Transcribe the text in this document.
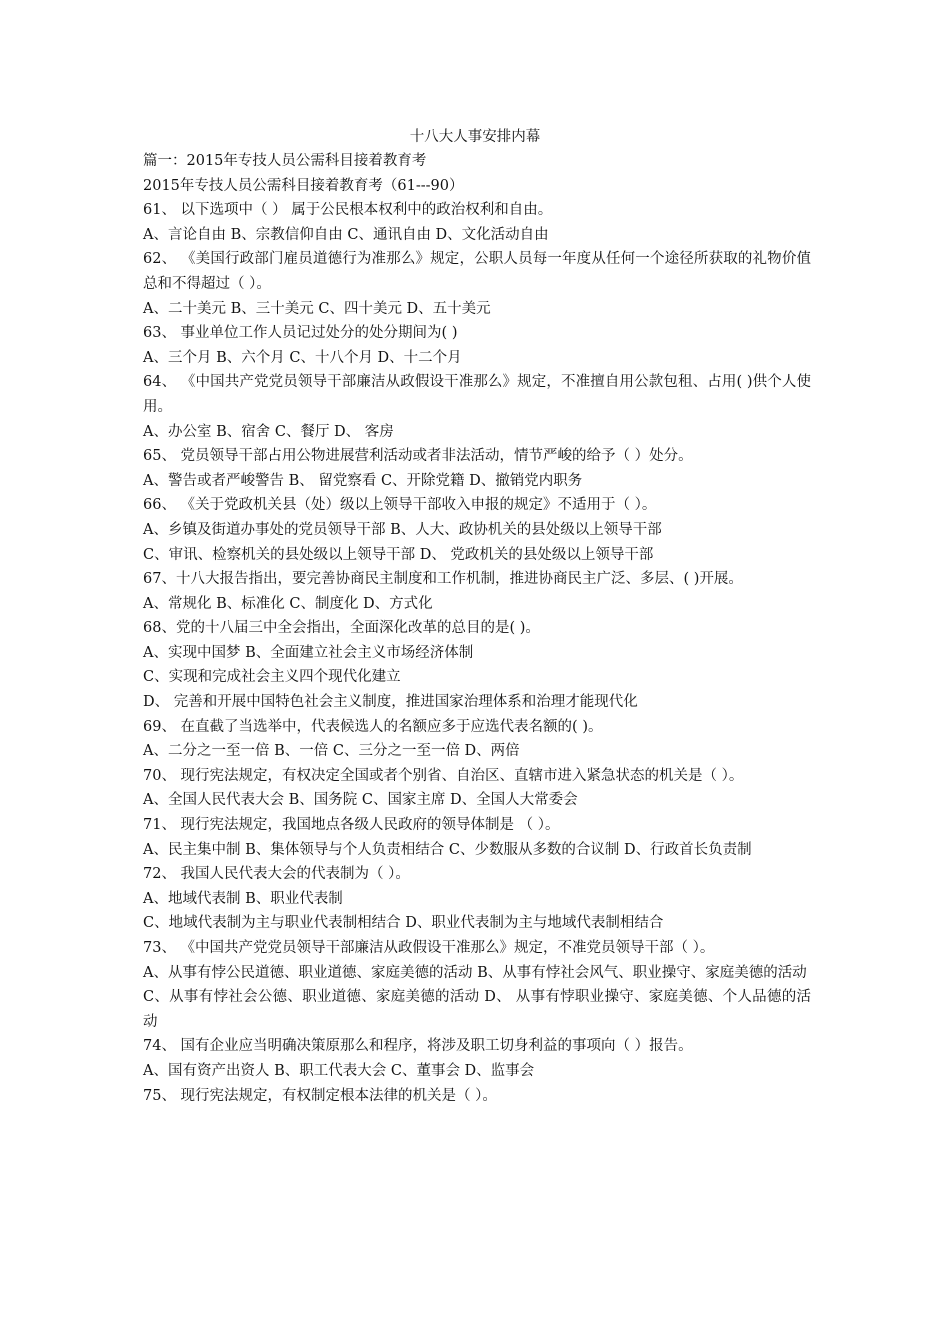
十八大人事安排内幕

篇一：2015年专技人员公需科目接着教育考

2015年专技人员公需科目接着教育考（61---90）

61、 以下选项中（ ） 属于公民根本权利中的政治权利和自由。

A、言论自由 B、宗教信仰自由 C、通讯自由 D、文化活动自由

62、 《美国行政部门雇员道德行为准那么》规定，公职人员每一年度从任何一个途径所获取的礼物价值总和不得超过（ ）。

A、二十美元 B、三十美元 C、四十美元 D、五十美元

63、 事业单位工作人员记过处分的处分期间为( )

A、三个月 B、六个月 C、十八个月 D、十二个月

64、 《中国共产党党员领导干部廉洁从政假设干准那么》规定，不准擅自用公款包租、占用( )供个人使用。

A、办公室 B、宿舍 C、餐厅 D、 客房

65、 党员领导干部占用公物进展营利活动或者非法活动，情节严峻的给予（ ）处分。

A、警告或者严峻警告 B、 留党察看 C、开除党籍 D、撤销党内职务

66、 《关于党政机关县（处）级以上领导干部收入申报的规定》不适用于（ ）。

A、乡镇及街道办事处的党员领导干部 B、人大、政协机关的县处级以上领导干部

C、审讯、检察机关的县处级以上领导干部 D、 党政机关的县处级以上领导干部

67、十八大报告指出，要完善协商民主制度和工作机制，推进协商民主广泛、多层、( )开展。

A、常规化 B、标准化 C、制度化 D、方式化

68、党的十八届三中全会指出，全面深化改革的总目的是( )。

A、实现中国梦 B、全面建立社会主义市场经济体制

C、实现和完成社会主义四个现代化建立

D、 完善和开展中国特色社会主义制度，推进国家治理体系和治理才能现代化

69、 在直截了当选举中，代表候选人的名额应多于应选代表名额的( )。

A、二分之一至一倍 B、一倍 C、三分之一至一倍 D、两倍

70、 现行宪法规定，有权决定全国或者个别省、自治区、直辖市进入紧急状态的机关是（ ）。

A、全国人民代表大会 B、国务院 C、国家主席 D、全国人大常委会

71、 现行宪法规定，我国地点各级人民政府的领导体制是 （ ）。

A、民主集中制 B、集体领导与个人负责相结合 C、少数服从多数的合议制 D、行政首长负责制

72、 我国人民代表大会的代表制为（ ）。

A、地域代表制 B、职业代表制

C、地域代表制为主与职业代表制相结合 D、职业代表制为主与地域代表制相结合

73、 《中国共产党党员领导干部廉洁从政假设干准那么》规定，不准党员领导干部（ ）。

A、从事有悖公民道德、职业道德、家庭美德的活动 B、从事有悖社会风气、职业操守、家庭美德的活动

C、从事有悖社会公德、职业道德、家庭美德的活动 D、 从事有悖职业操守、家庭美德、个人品德的活动

74、 国有企业应当明确决策原那么和程序，将涉及职工切身利益的事项向（ ）报告。

A、国有资产出资人 B、职工代表大会 C、董事会 D、监事会

75、 现行宪法规定，有权制定根本法律的机关是（ ）。
